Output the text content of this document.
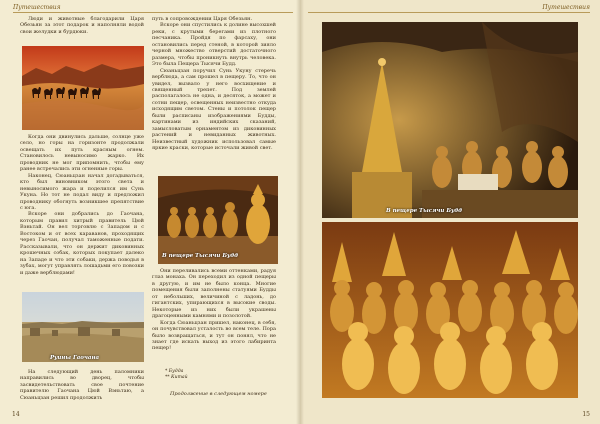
Путешествия

Люди и животные благодарили Царя Обезьян за этот подарок и наполняли водой свои желудки и бурдюки.

Когда они двинулись дальше, солнце уже село, но горы на горизонте продолжали освещать их путь красным огнем. Становилось невыносимо жарко. Их проводник не мог припомнить, чтобы ему ранее встречались эти огненные горы.

Наконец, Сюаньцзан начал догадываться, кто был виновником этого света и невыносимого жара и поделился им Сунь Укуна. Но тот не подал виду и предложил проводнику обогнуть возникшее препятствие с юга.

Вскоре они добрались до Гаочана, которым правил хитрый правитель Цюй Вэньтай. Он вел торговлю с Западом и с Востоком и от всех караванов, проходящих через Гаочан, получал таможенные подати. Рассказывали, что он держит диковинных крошечных собак, которых покупает далеко на Западе и что эти собаки, держа поводья в зубах, могут управлять лошадьми его повозки и даже верблюдами!

Руины Гаочана

На следующий день паломники направились во дворец, чтобы засвидетельствовать свое почтение правителю Гаочана Цюй Вэньтаю, а Сюаньцзан решил продолжить

путь в сопровождении Царя Обезьян.

Вскоре они спустились к долине высохшей реки, с крутыми берегами из плотного песчаника. Пройдя по фарсаху, они остановились перед стеной, в которой зияло черной множество отверстий достаточного размера, чтобы проникнуть внутрь человека. Это была Пещера Тысячи Будд.

Сюаньцзан поручил Сунь Укуну стеречь верблюда, а сам прошел в пещеру. То, что он увидел, вызвало у него восхищение и священный трепет. Под землей располагалось не одна, и десяток, а может и сотни пещер, освещенных неизвестно откуда исходящим светом. Стены и потолок пещер были расписаны изображениями Будды, картинами из индийских сказаний, замысловатым орнаментом из диковинных растений и невиданных животных. Неизвестный художник использовал самые яркие краски, которые источали живой свет.

В пещере Тысячи Будд

Они переливались всеми оттенками, радуя глаз монаха. Он переходил из одной пещеры в другую, и им не было конца. Многие помещения были заполнены статуями Будды от небольших, величиной с ладонь, до гигантских, упирающихся в высокие своды. Некоторые из них были украшены драгоценными камнями и позолотой.

Когда Сюаньцзан пришел, наконец, в себя, он почувствовал усталость во всем теле. Пора было возвращаться, и тут он понял, что не знает где искать выход из этого лабиринта пещер!

* Будда
** Китай
Продолжение в следующем номере
14
Путешествия
В пещере Тысячи Будд
15
